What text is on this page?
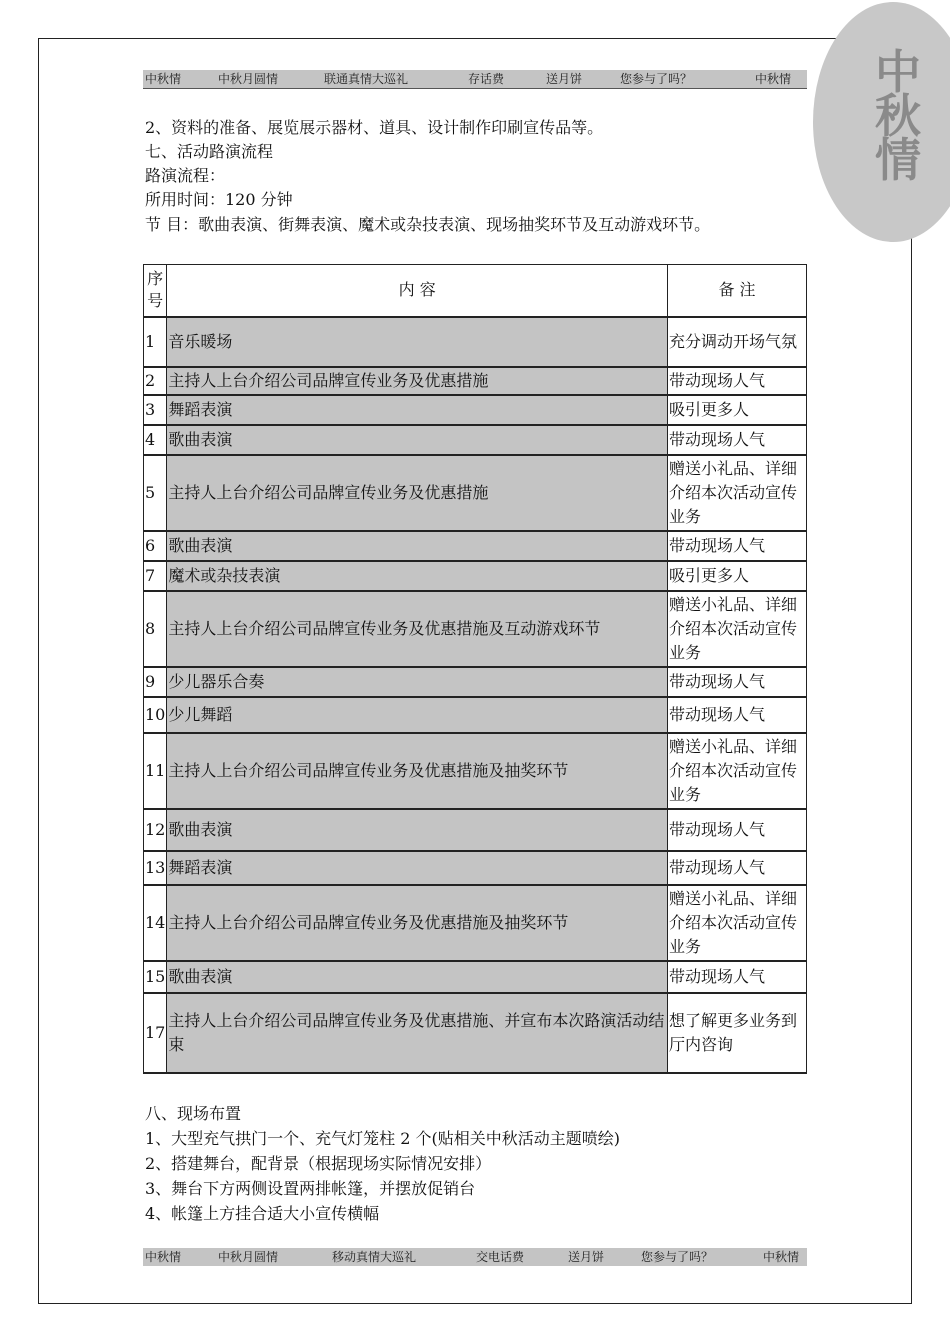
中
秋
情
中秋情	中秋月圆情	联通真情大巡礼	存话费	送月饼	您参与了吗？	中秋情
2、资料的准备、展览展示器材、道具、设计制作印刷宣传品等。
七、活动路演流程
路演流程：
所用时间：120 分钟
节 目：歌曲表演、街舞表演、魔术或杂技表演、现场抽奖环节及互动游戏环节。
序
号	内 容	备 注
1	音乐暖场	充分调动开场气氛
2	主持人上台介绍公司品牌宣传业务及优惠措施	带动现场人气
3	舞蹈表演	吸引更多人
4	歌曲表演	带动现场人气
5	主持人上台介绍公司品牌宣传业务及优惠措施	赠送小礼品、详细介绍本次活动宣传业务
6	歌曲表演	带动现场人气
7	魔术或杂技表演	吸引更多人
8	主持人上台介绍公司品牌宣传业务及优惠措施及互动游戏环节	赠送小礼品、详细介绍本次活动宣传业务
9	少儿器乐合奏	带动现场人气
10	少儿舞蹈	带动现场人气
11	主持人上台介绍公司品牌宣传业务及优惠措施及抽奖环节	赠送小礼品、详细介绍本次活动宣传业务
12	歌曲表演	带动现场人气
13	舞蹈表演	带动现场人气
14	主持人上台介绍公司品牌宣传业务及优惠措施及抽奖环节	赠送小礼品、详细介绍本次活动宣传业务
15	歌曲表演	带动现场人气
17	主持人上台介绍公司品牌宣传业务及优惠措施、并宣布本次路演活动结束	想了解更多业务到厅内咨询
八、现场布置
1、大型充气拱门一个、充气灯笼柱 2 个(贴相关中秋活动主题喷绘)
2、搭建舞台，配背景（根据现场实际情况安排）
3、舞台下方两侧设置两排帐篷，并摆放促销台
4、帐篷上方挂合适大小宣传横幅
中秋情	中秋月圆情	移动真情大巡礼	交电话费	送月饼	您参与了吗？	中秋情
